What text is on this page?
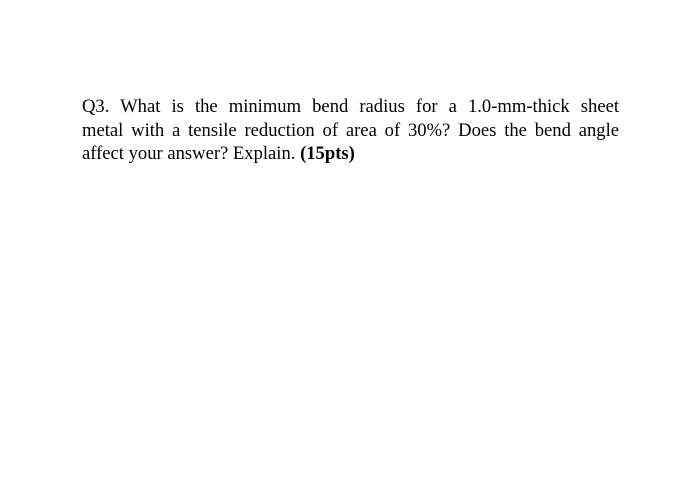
Q3. What is the minimum bend radius for a 1.0-mm-thick sheet
metal with a tensile reduction of area of 30%? Does the bend angle
affect your answer? Explain. (15pts)
